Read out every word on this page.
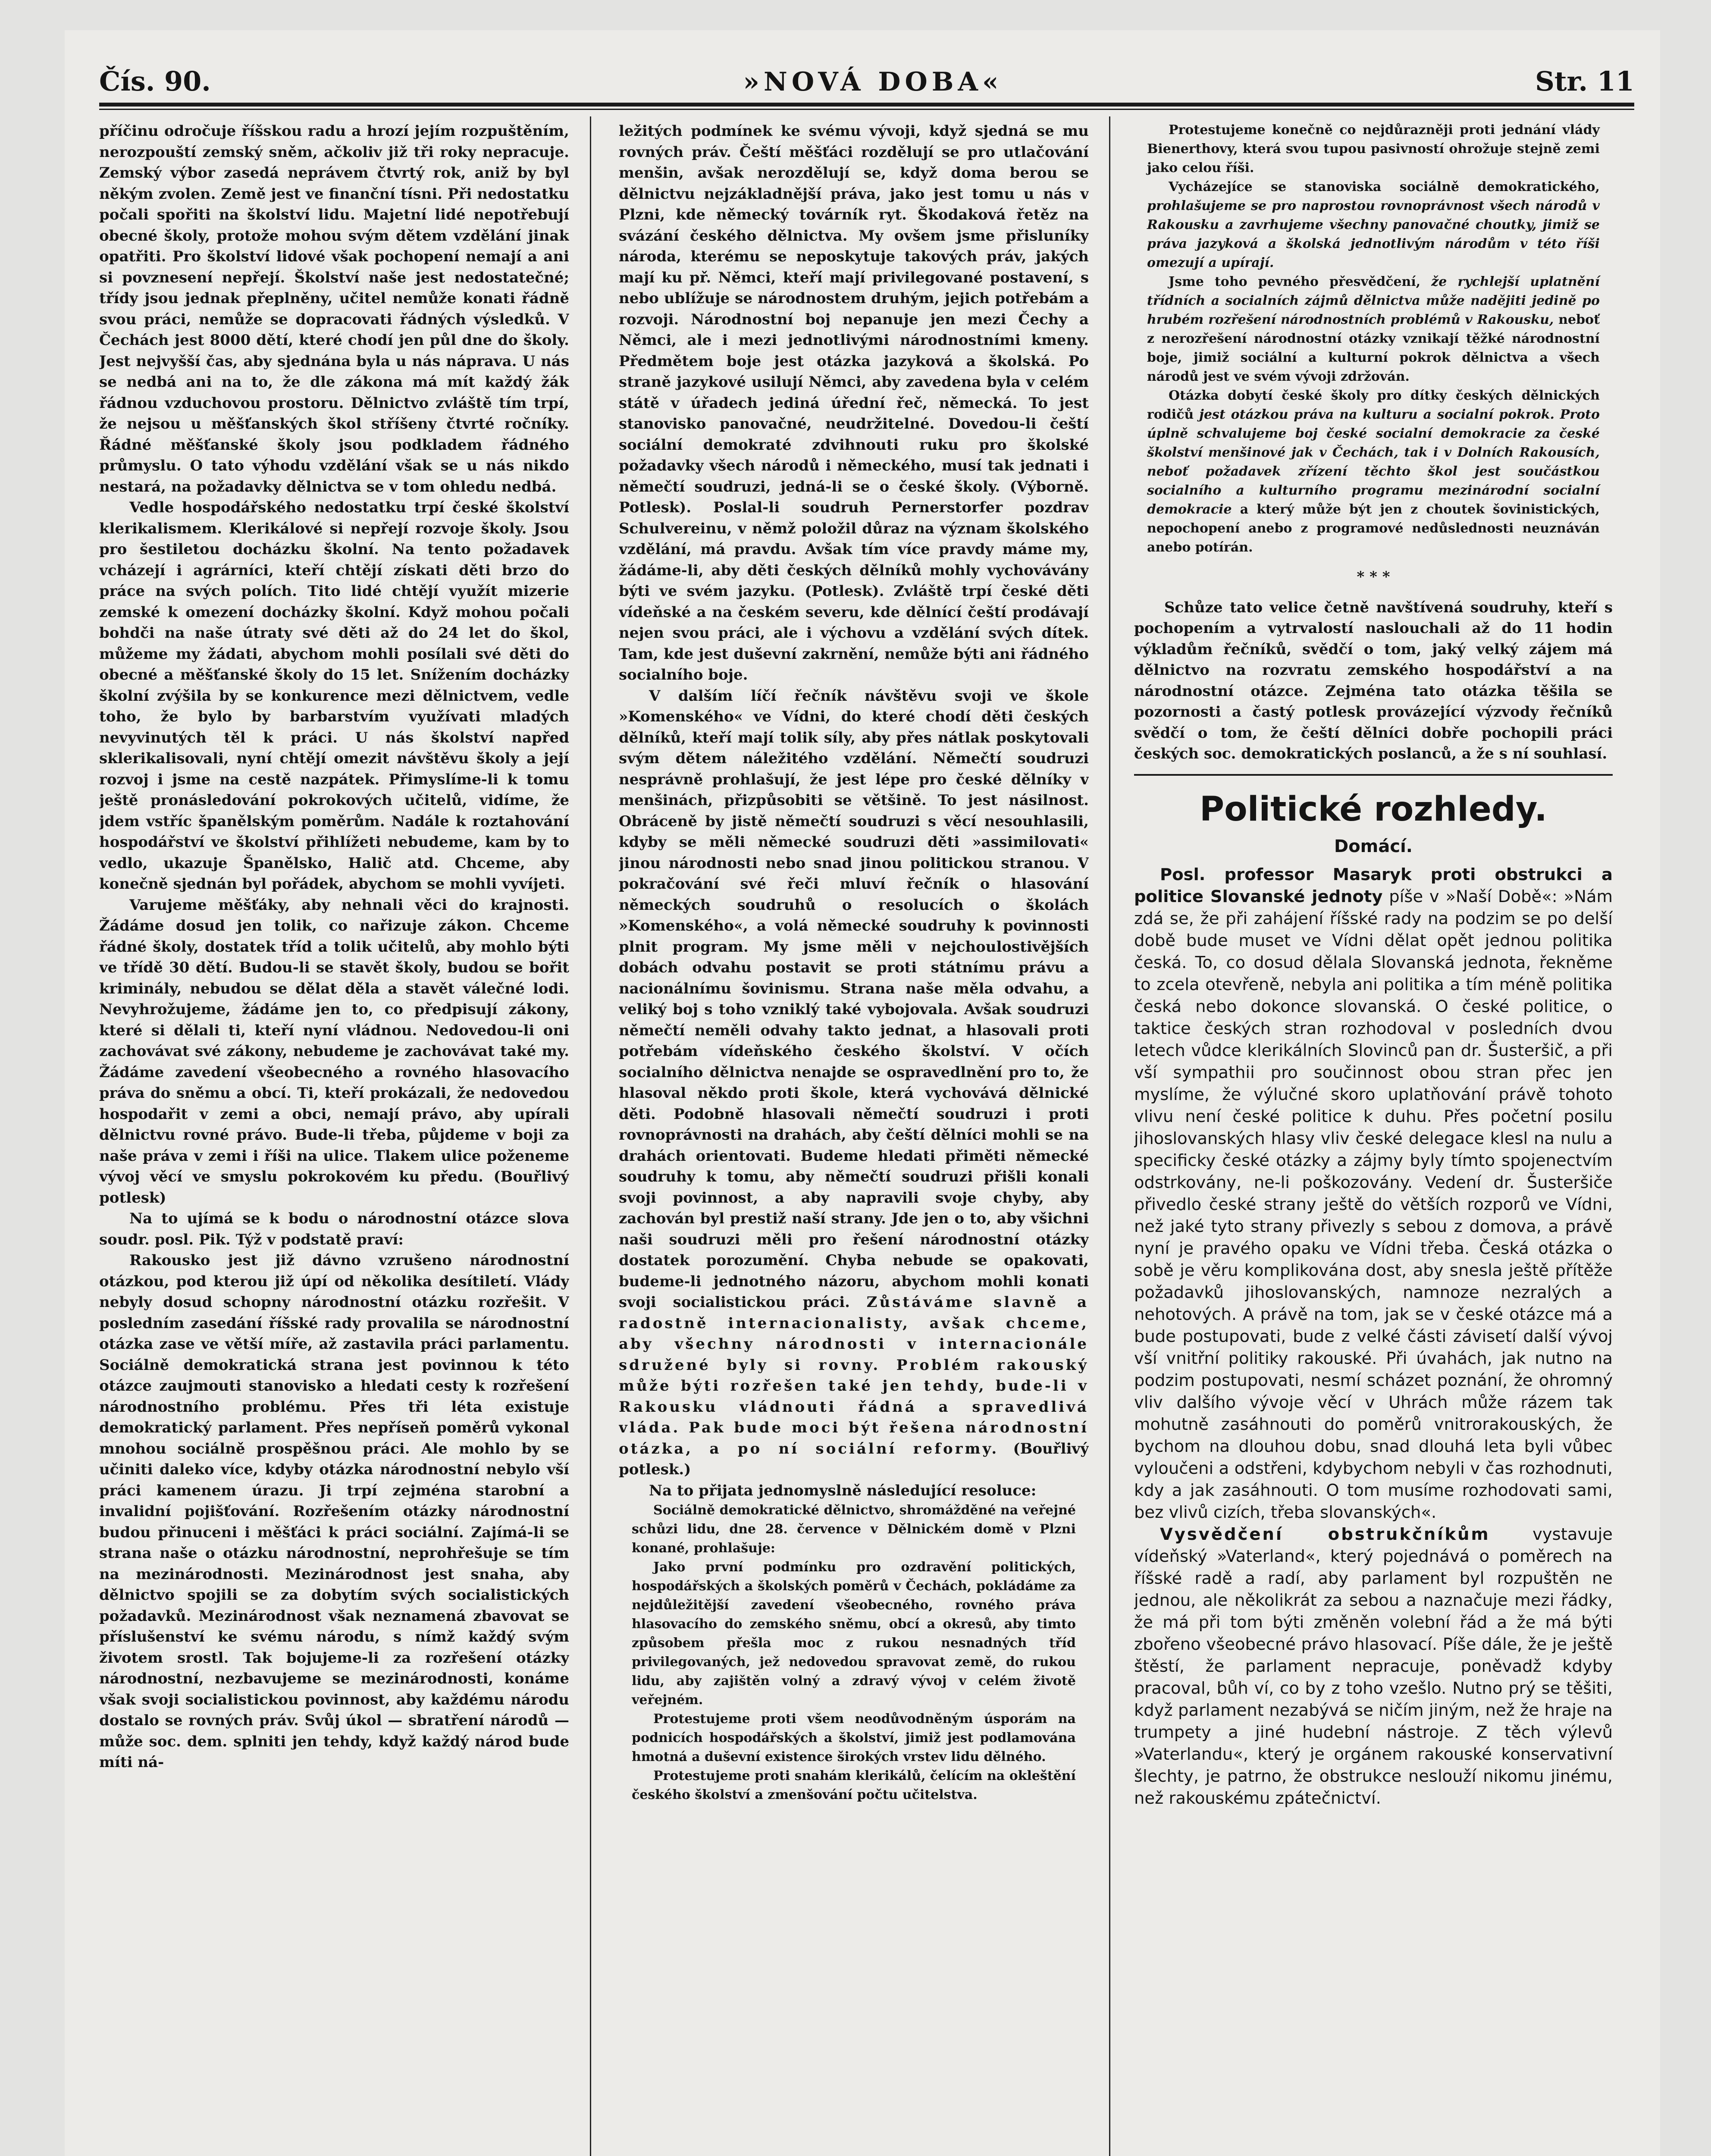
Čís. 90.	»NOVÁ DOBA«	Str. 11

příčinu odročuje říšskou radu a hrozí jejím rozpuštěním, nerozpouští zemský sněm, ačkoliv již tři roky nepracuje. Zemský výbor zasedá neprávem čtvrtý rok, aniž by byl někým zvolen. Země jest ve finanční tísni. Při nedostatku počali spořiti na školství lidu. Majetní lidé nepotřebují obecné školy, protože mohou svým dětem vzdělání jinak opatřiti. Pro školství lidové však pochopení nemají a ani si povznesení nepřejí. Školství naše jest nedostatečné; třídy jsou jednak přeplněny, učitel nemůže konati řádně svou práci, nemůže se dopracovati řádných výsledků. V Čechách jest 8000 dětí, které chodí jen půl dne do školy. Jest nejvyšší čas, aby sjednána byla u nás náprava. U nás se nedbá ani na to, že dle zákona má mít každý žák řádnou vzduchovou prostoru. Dělnictvo zvláště tím trpí, že nejsou u měšťanských škol stříšeny čtvrté ročníky. Řádné měšťanské školy jsou podkladem řádného průmyslu. O tato výhodu vzdělání však se u nás nikdo nestará, na požadavky dělnictva se v tom ohledu nedbá.

Vedle hospodářského nedostatku trpí české školství klerikalismem. Klerikálové si nepřejí rozvoje školy. Jsou pro šestiletou docházku školní. Na tento požadavek vcházejí i agrárníci, kteří chtějí získati děti brzo do práce na svých polích. Tito lidé chtějí využít mizerie zemské k omezení docházky školní. Když mohou počali bohdči na naše útraty své děti až do 24 let do škol, můžeme my žádati, abychom mohli posílali své děti do obecné a měšťanské školy do 15 let. Snížením docházky školní zvýšila by se konkurence mezi dělnictvem, vedle toho, že bylo by barbarstvím využívati mladých nevyvinutých těl k práci. U nás školství napřed sklerikalisovali, nyní chtějí omezit návštěvu školy a její rozvoj i jsme na cestě nazpátek. Přimyslíme-li k tomu ještě pronásledování pokrokových učitelů, vidíme, že jdem vstříc španělským poměrům. Nadále k roztahování hospodářství ve školství přihlížeti nebudeme, kam by to vedlo, ukazuje Španělsko, Halič atd. Chceme, aby konečně sjednán byl pořádek, abychom se mohli vyvíjeti.

Varujeme měšťáky, aby nehnali věci do krajnosti. Žádáme dosud jen tolik, co nařizuje zákon. Chceme řádné školy, dostatek tříd a tolik učitelů, aby mohlo býti ve třídě 30 dětí. Budou-li se stavět školy, budou se bořit kriminály, nebudou se dělat děla a stavět válečné lodi. Nevyhrožujeme, žádáme jen to, co předpisují zákony, které si dělali ti, kteří nyní vládnou. Nedovedou-li oni zachovávat své zákony, nebudeme je zachovávat také my. Žádáme zavedení všeobecného a rovného hlasovacího práva do sněmu a obcí. Ti, kteří prokázali, že nedovedou hospodařit v zemi a obci, nemají právo, aby upírali dělnictvu rovné právo. Bude-li třeba, půjdeme v boji za naše práva v zemi i říši na ulice. Tlakem ulice poženeme vývoj věcí ve smyslu pokrokovém ku předu. (Bouřlivý potlesk)

Na to ujímá se k bodu o národnostní otázce slova soudr. posl. Pik. Týž v podstatě praví:

Rakousko jest již dávno vzrušeno národnostní otázkou, pod kterou již úpí od několika desítiletí. Vlády nebyly dosud schopny národnostní otázku rozřešit. V posledním zasedání říšské rady provalila se národnostní otázka zase ve větší míře, až zastavila práci parlamentu. Sociálně demokratická strana jest povinnou k této otázce zaujmouti stanovisko a hledati cesty k rozřešení národnostního problému. Přes tři léta existuje demokratický parlament. Přes nepříseň poměrů vykonal mnohou sociálně prospěšnou práci. Ale mohlo by se učiniti daleko více, kdyby otázka národnostní nebylo vší práci kamenem úrazu. Ji trpí zejména starobní a invalidní pojišťování. Rozřešením otázky národnostní budou přinuceni i měšťáci k práci sociální. Zajímá-li se strana naše o otázku národnostní, neprohřešuje se tím na mezinárodnosti. Mezinárodnost jest snaha, aby dělnictvo spojili se za dobytím svých socialistických požadavků. Mezinárodnost však neznamená zbavovat se příslušenství ke svému národu, s nímž každý svým životem srostl. Tak bojujeme-li za rozřešení otázky národnostní, nezbavujeme se mezinárodnosti, konáme však svoji socialistickou povinnost, aby každému národu dostalo se rovných práv. Svůj úkol — sbratření národů — může soc. dem. splniti jen tehdy, když každý národ bude míti ná-

ležitých podmínek ke svému vývoji, když sjedná se mu rovných práv. Čeští měšťáci rozdělují se pro utlačování menšin, avšak nerozdělují se, když doma berou se dělnictvu nejzákladnější práva, jako jest tomu u nás v Plzni, kde německý továrník ryt. Škodaková řetěz na svázání českého dělnictva. My ovšem jsme přisluníky národa, kterému se neposkytuje takových práv, jakých mají ku př. Němci, kteří mají privilegované postavení, s nebo ublížuje se národnostem druhým, jejich potřebám a rozvoji. Národnostní boj nepanuje jen mezi Čechy a Němci, ale i mezi jednotlivými národnostními kmeny. Předmětem boje jest otázka jazyková a školská. Po straně jazykové usilují Němci, aby zavedena byla v celém státě v úřadech jediná úřední řeč, německá. To jest stanovisko panovačné, neudržitelné. Dovedou-li čeští sociální demokraté zdvihnouti ruku pro školské požadavky všech národů i německého, musí tak jednati i němečtí soudruzi, jedná-li se o české školy. (Výborně. Potlesk). Poslal-li soudruh Pernerstorfer pozdrav Schulvereinu, v němž položil důraz na význam školského vzdělání, má pravdu. Avšak tím více pravdy máme my, žádáme-li, aby děti českých dělníků mohly vychovávány býti ve svém jazyku. (Potlesk). Zvláště trpí české děti vídeňské a na českém severu, kde dělnící čeští prodávají nejen svou práci, ale i výchovu a vzdělání svých dítek. Tam, kde jest duševní zakrnění, nemůže býti ani řádného socialního boje.

V dalším líčí řečník návštěvu svoji ve škole »Komenského« ve Vídni, do které chodí děti českých dělníků, kteří mají tolik síly, aby přes nátlak poskytovali svým dětem náležitého vzdělání. Němečtí soudruzi nesprávně prohlašují, že jest lépe pro české dělníky v menšinách, přizpůsobiti se většině. To jest násilnost. Obráceně by jistě němečtí soudruzi s věcí nesouhlasili, kdyby se měli německé soudruzi děti »assimilovati« jinou národnosti nebo snad jinou politickou stranou. V pokračování své řeči mluví řečník o hlasování německých soudruhů o resolucích o školách »Komenského«, a volá německé soudruhy k povinnosti plnit program. My jsme měli v nejchoulostivějších dobách odvahu postavit se proti státnímu právu a nacionálnímu šovinismu. Strana naše měla odvahu, a veliký boj s toho vzniklý také vybojovala. Avšak soudruzi němečtí neměli odvahy takto jednat, a hlasovali proti potřebám vídeňského českého školství. V očích socialního dělnictva nenajde se ospravedlnění pro to, že hlasoval někdo proti škole, která vychovává dělnické děti. Podobně hlasovali němečtí soudruzi i proti rovnoprávnosti na drahách, aby čeští dělníci mohli se na drahách orientovati. Budeme hledati přiměti německé soudruhy k tomu, aby němečtí soudruzi přišli konali svoji povinnost, a aby napravili svoje chyby, aby zachován byl prestiž naší strany. Jde jen o to, aby všichni naši soudruzi měli pro řešení národnostní otázky dostatek porozumění. Chyba nebude se opakovati, budeme-li jednotného názoru, abychom mohli konati svoji socialistickou práci. Zůstáváme slavně a radostně internacionalisty, avšak chceme, aby všechny národnosti v internacionále sdružené byly si rovny. Problém rakouský může býti rozřešen také jen tehdy, bude-li v Rakousku vládnouti řádná a spravedlivá vláda. Pak bude moci být řešena národnostní otázka, a po ní sociální reformy. (Bouřlivý potlesk.)

Na to přijata jednomyslně následující resoluce:

Sociálně demokratické dělnictvo, shromážděné na veřejné schůzi lidu, dne 28. července v Dělnickém domě v Plzni konané, prohlašuje:

Jako první podmínku pro ozdravění politických, hospodářských a školských poměrů v Čechách, pokládáme za nejdůležitější zavedení všeobecného, rovného práva hlasovacího do zemského sněmu, obcí a okresů, aby timto způsobem přešla moc z rukou nesnadných tříd privilegovaných, jež nedovedou spravovat země, do rukou lidu, aby zajištěn volný a zdravý vývoj v celém životě veřejném.

Protestujeme proti všem neodůvodněným úsporám na podnicích hospodářských a školství, jimiž jest podlamována hmotná a duševní existence širokých vrstev lidu dělného.

Protestujeme proti snahám klerikálů, čelícím na okleštění českého školství a zmenšování počtu učitelstva.

Protestujeme konečně co nejdůrazněji proti jednání vlády Bienerthovy, která svou tupou pasivností ohrožuje stejně zemi jako celou říši.

Vycházejíce se stanoviska sociálně demokratického, prohlašujeme se pro naprostou rovnoprávnost všech národů v Rakousku a zavrhujeme všechny panovačné choutky, jimiž se práva jazyková a školská jednotlivým národům v této říši omezují a upírají.

Jsme toho pevného přesvědčení, že rychlejší uplatnění třídních a socialních zájmů dělnictva může nadějiti jedině po hrubém rozřešení národnostních problémů v Rakousku, neboť z nerozřešení národnostní otázky vznikají těžké národnostní boje, jimiž sociální a kulturní pokrok dělnictva a všech národů jest ve svém vývoji zdržován.

Otázka dobytí české školy pro dítky českých dělnických rodičů jest otázkou práva na kulturu a socialní pokrok. Proto úplně schvalujeme boj české socialní demokracie za české školství menšinové jak v Čechách, tak i v Dolních Rakousích, neboť požadavek zřízení těchto škol jest součástkou socialního a kulturního programu mezinárodní socialní demokracie a který může být jen z choutek šovinistických, nepochopení anebo z programové nedůslednosti neuznáván anebo potírán.

* * *

Schůze tato velice četně navštívená soudruhy, kteří s pochopením a vytrvalostí naslouchali až do 11 hodin výkladům řečníků, svědčí o tom, jaký velký zájem má dělnictvo na rozvratu zemského hospodářství a na národnostní otázce. Zejména tato otázka těšila se pozornosti a častý potlesk provázející výzvody řečníků svědčí o tom, že čeští dělníci dobře pochopili práci českých soc. demokratických poslanců, a že s ní souhlasí.

Politické rozhledy.
Domácí.

Posl. professor Masaryk proti obstrukci a politice Slovanské jednoty píše v »Naší Době«: »Nám zdá se, že při zahájení říšské rady na podzim se po delší době bude muset ve Vídni dělat opět jednou politika česká. To, co dosud dělala Slovanská jednota, řekněme to zcela otevřeně, nebyla ani politika a tím méně politika česká nebo dokonce slovanská. O české politice, o taktice českých stran rozhodoval v posledních dvou letech vůdce klerikálních Slovinců pan dr. Šusteršič, a při vší sympathii pro součinnost obou stran přec jen myslíme, že výlučné skoro uplatňování právě tohoto vlivu není české politice k duhu. Přes početní posilu jihoslovanských hlasy vliv české delegace klesl na nulu a specificky české otázky a zájmy byly tímto spojenectvím odstrkovány, ne-li poškozovány. Vedení dr. Šusteršiče přivedlo české strany ještě do větších rozporů ve Vídni, než jaké tyto strany přivezly s sebou z domova, a právě nyní je pravého opaku ve Vídni třeba. Česká otázka o sobě je věru komplikována dost, aby snesla ještě přítěže požadavků jihoslovanských, namnoze nezralých a nehotových. A právě na tom, jak se v české otázce má a bude postupovati, bude z velké části závisetí další vývoj vší vnitřní politiky rakouské. Při úvahách, jak nutno na podzim postupovati, nesmí scházet poznání, že ohromný vliv dalšího vývoje věcí v Uhrách může rázem tak mohutně zasáhnouti do poměrů vnitrorakouských, že bychom na dlouhou dobu, snad dlouhá leta byli vůbec vyloučeni a odstřeni, kdybychom nebyli v čas rozhodnuti, kdy a jak zasáhnouti. O tom musíme rozhodovati sami, bez vlivů cizích, třeba slovanských«.

Vysvědčení obstrukčníkům	vystavuje vídeňský »Vaterland«, který pojednává o poměrech na říšské radě a radí, aby parlament byl rozpuštěn ne jednou, ale několikrát za sebou a naznačuje mezi řádky, že má při tom býti změněn volební řád a že má býti zbořeno všeobecné právo hlasovací. Píše dále, že je ještě štěstí, že parlament nepracuje, poněvadž kdyby pracoval, bůh ví, co by z toho vzešlo. Nutno prý se těšiti, když parlament nezabývá se ničím jiným, než že hraje na trumpety a jiné hudební nástroje. Z těch výlevů »Vaterlandu«, který je orgánem rakouské konservativní šlechty, je patrno, že obstrukce neslouží nikomu jinému, než rakouskému zpátečnictví.
